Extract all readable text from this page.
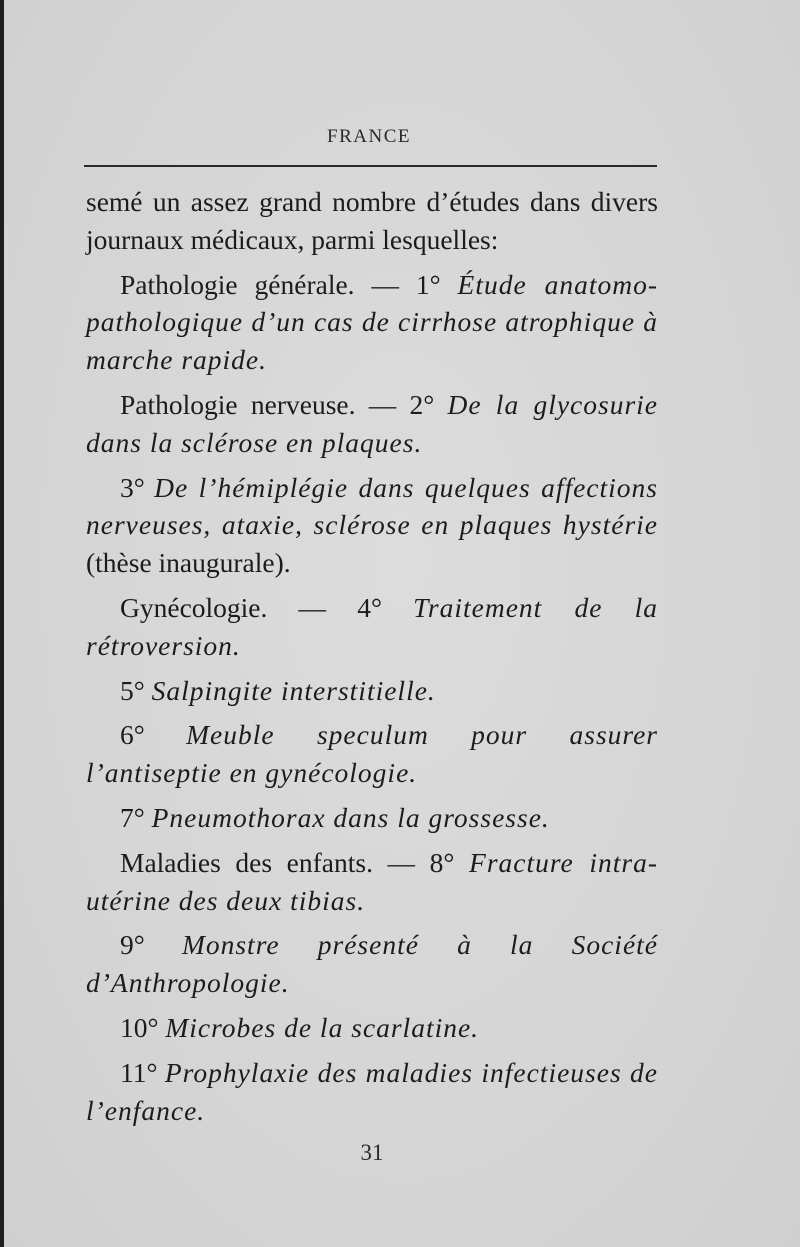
FRANCE

semé un assez grand nombre d’études dans divers journaux médicaux, parmi lesquelles:

Pathologie générale. — 1° Étude anatomo-pathologique d’un cas de cirrhose atrophique à marche rapide.

Pathologie nerveuse. — 2° De la glycosurie dans la sclérose en plaques.

3° De l’hémiplégie dans quelques affections nerveuses, ataxie, sclérose en plaques hystérie (thèse inaugurale).

Gynécologie. — 4° Traitement de la rétroversion.

5° Salpingite interstitielle.

6° Meuble speculum pour assurer l’antiseptie en gynécologie.

7° Pneumothorax dans la grossesse.

Maladies des enfants. — 8° Fracture intra-utérine des deux tibias.

9° Monstre présenté à la Société d’Anthropologie.

10° Microbes de la scarlatine.

11° Prophylaxie des maladies infectieuses de l’enfance.

31
